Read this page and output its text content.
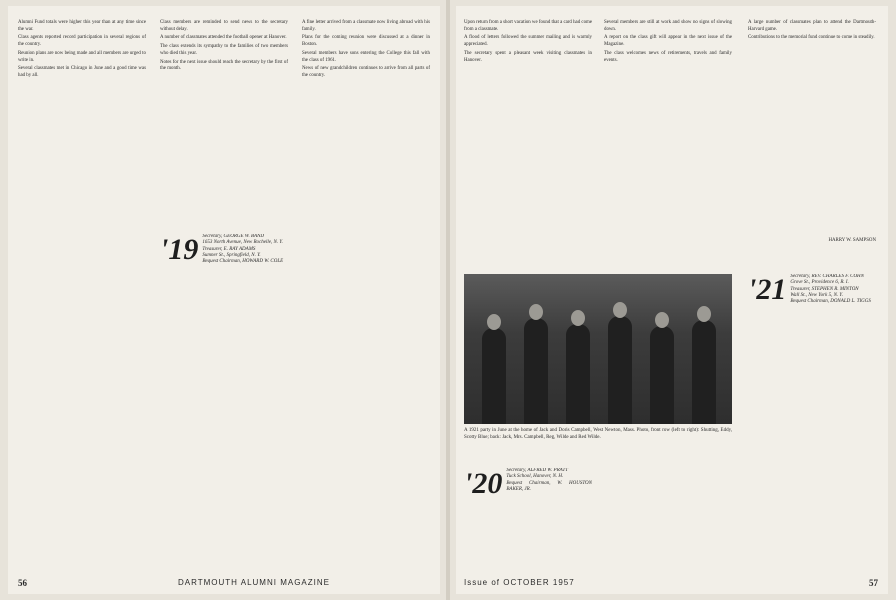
Alumni Fund totals were higher this year than at any time since the war.

Class agents reported record participation in several regions of the country.

Reunion plans are now being made and all members are urged to write in.

Several classmates met in Chicago in June and a good time was had by all.

Class members are reminded to send news to the secretary without delay.

A number of classmates attended the football opener at Hanover.

The class extends its sympathy to the families of two members who died this year.

Notes for the next issue should reach the secretary by the first of the month.

A fine letter arrived from a classmate now living abroad with his family.

Plans for the coming reunion were discussed at a dinner in Boston.

Several members have sons entering the College this fall with the class of 1961.

News of new grandchildren continues to arrive from all parts of the country.

'19 Secretary, GEORGE W. BAND
1653 North Avenue, New Rochelle, N. Y.
Treasurer, E. RAY ADAMS
Sumner St., Springfield, N. Y.
Bequest Chairman, HOWARD W. COLE
56	DARTMOUTH ALUMNI MAGAZINE

Upon return from a short vacation we found that a card had come from a classmate.

A flood of letters followed the summer mailing and is warmly appreciated.

The secretary spent a pleasant week visiting classmates in Hanover.

Several members are still at work and show no signs of slowing down.

A report on the class gift will appear in the next issue of the Magazine.

The class welcomes news of retirements, travels and family events.

A large number of classmates plan to attend the Dartmouth-Harvard game.

Contributions to the memorial fund continue to come in steadily.

A 1921 party in June at the home of Jack and Doris Campbell, West Newton, Mass. Photo, front row (left to right): Shutting, Eddy, Scotty Blue; back: Jack, Mrs. Campbell, Reg, Wilde and Red Wilde.
'20 Secretary, ALFRED W. PRATT
Tuck School, Hanover, N. H.
Bequest Chairman, W. HOUSTON BAKER, JR.
'21 Secretary, REV. CHARLES F. COHN
Grove St., Providence 6, R. I.
Treasurer, STEPHEN R. MINTON
Wall St., New York 5, N. Y.
Bequest Chairman, DONALD L. TIGGS
HARRY W. SAMPSON
Issue of OCTOBER 1957	57
